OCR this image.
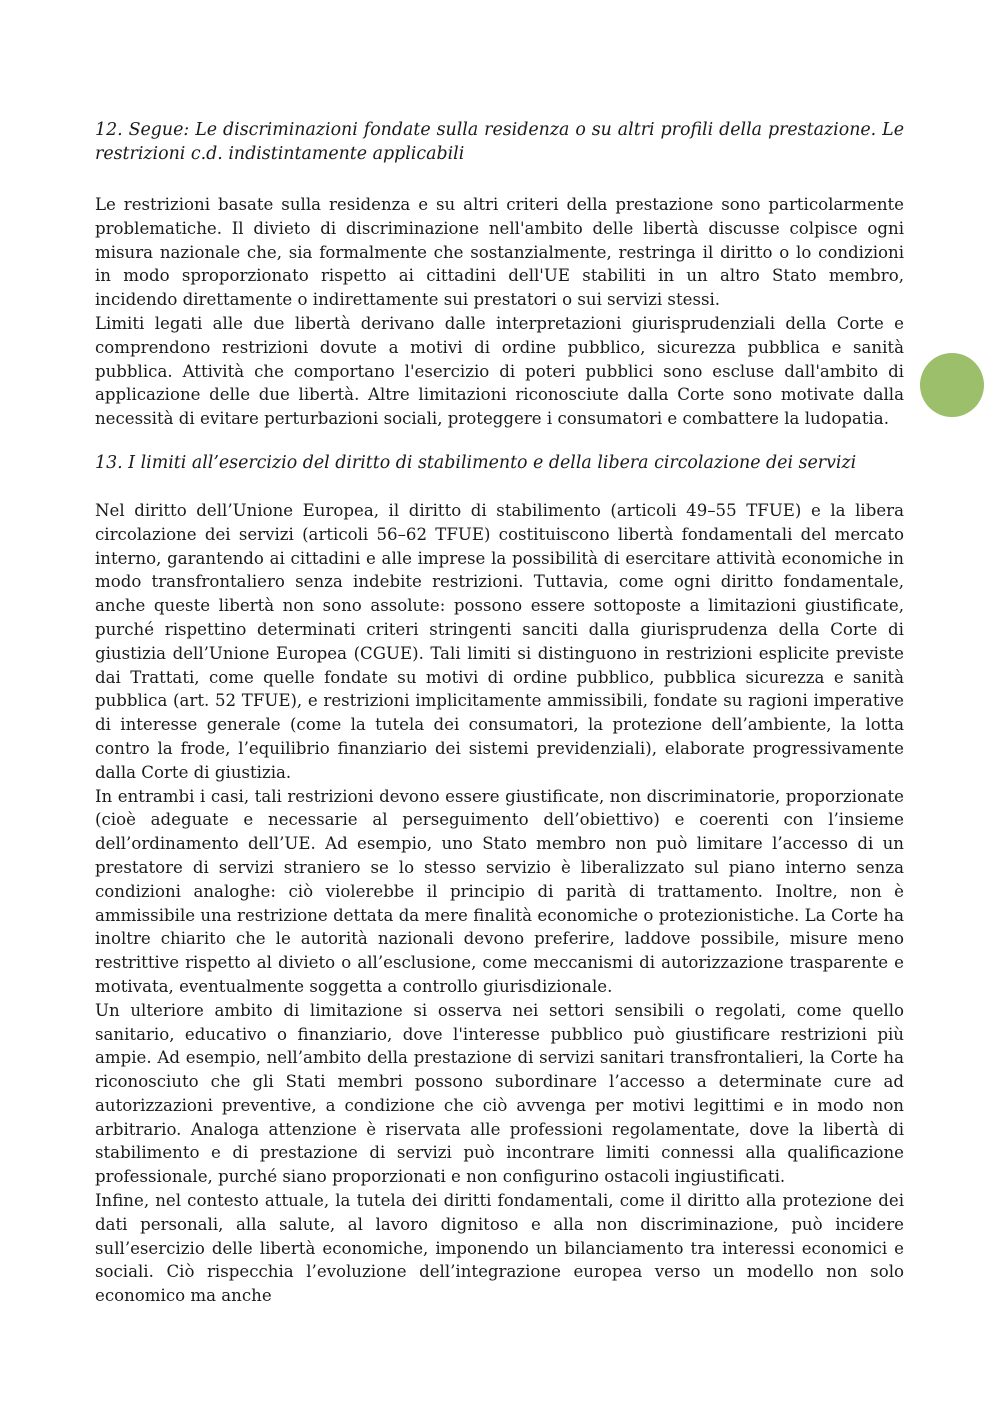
12. Segue: Le discriminazioni fondate sulla residenza o su altri profili della prestazione. Le restrizioni c.d. indistintamente applicabili

Le restrizioni basate sulla residenza e su altri criteri della prestazione sono particolarmente problematiche. Il divieto di discriminazione nell'ambito delle libertà discusse colpisce ogni misura nazionale che, sia formalmente che sostanzialmente, restringa il diritto o lo condizioni in modo sproporzionato rispetto ai cittadini dell'UE stabiliti in un altro Stato membro, incidendo direttamente o indirettamente sui prestatori o sui servizi stessi.

Limiti legati alle due libertà derivano dalle interpretazioni giurisprudenziali della Corte e comprendono restrizioni dovute a motivi di ordine pubblico, sicurezza pubblica e sanità pubblica. Attività che comportano l'esercizio di poteri pubblici sono escluse dall'ambito di applicazione delle due libertà. Altre limitazioni riconosciute dalla Corte sono motivate dalla necessità di evitare perturbazioni sociali, proteggere i consumatori e combattere la ludopatia.

13. I limiti all’esercizio del diritto di stabilimento e della libera circolazione dei servizi

Nel diritto dell’Unione Europea, il diritto di stabilimento (articoli 49–55 TFUE) e la libera circolazione dei servizi (articoli 56–62 TFUE) costituiscono libertà fondamentali del mercato interno, garantendo ai cittadini e alle imprese la possibilità di esercitare attività economiche in modo transfrontaliero senza indebite restrizioni. Tuttavia, come ogni diritto fondamentale, anche queste libertà non sono assolute: possono essere sottoposte a limitazioni giustificate, purché rispettino determinati criteri stringenti sanciti dalla giurisprudenza della Corte di giustizia dell’Unione Europea (CGUE). Tali limiti si distinguono in restrizioni esplicite previste dai Trattati, come quelle fondate su motivi di ordine pubblico, pubblica sicurezza e sanità pubblica (art. 52 TFUE), e restrizioni implicitamente ammissibili, fondate su ragioni imperative di interesse generale (come la tutela dei consumatori, la protezione dell’ambiente, la lotta contro la frode, l’equilibrio finanziario dei sistemi previdenziali), elaborate progressivamente dalla Corte di giustizia.

In entrambi i casi, tali restrizioni devono essere giustificate, non discriminatorie, proporzionate (cioè adeguate e necessarie al perseguimento dell’obiettivo) e coerenti con l’insieme dell’ordinamento dell’UE. Ad esempio, uno Stato membro non può limitare l’accesso di un prestatore di servizi straniero se lo stesso servizio è liberalizzato sul piano interno senza condizioni analoghe: ciò violerebbe il principio di parità di trattamento. Inoltre, non è ammissibile una restrizione dettata da mere finalità economiche o protezionistiche. La Corte ha inoltre chiarito che le autorità nazionali devono preferire, laddove possibile, misure meno restrittive rispetto al divieto o all’esclusione, come meccanismi di autorizzazione trasparente e motivata, eventualmente soggetta a controllo giurisdizionale.

Un ulteriore ambito di limitazione si osserva nei settori sensibili o regolati, come quello sanitario, educativo o finanziario, dove l'interesse pubblico può giustificare restrizioni più ampie. Ad esempio, nell’ambito della prestazione di servizi sanitari transfrontalieri, la Corte ha riconosciuto che gli Stati membri possono subordinare l’accesso a determinate cure ad autorizzazioni preventive, a condizione che ciò avvenga per motivi legittimi e in modo non arbitrario. Analoga attenzione è riservata alle professioni regolamentate, dove la libertà di stabilimento e di prestazione di servizi può incontrare limiti connessi alla qualificazione professionale, purché siano proporzionati e non configurino ostacoli ingiustificati.

Infine, nel contesto attuale, la tutela dei diritti fondamentali, come il diritto alla protezione dei dati personali, alla salute, al lavoro dignitoso e alla non discriminazione, può incidere sull’esercizio delle libertà economiche, imponendo un bilanciamento tra interessi economici e sociali. Ciò rispecchia l’evoluzione dell’integrazione europea verso un modello non solo economico ma anche
